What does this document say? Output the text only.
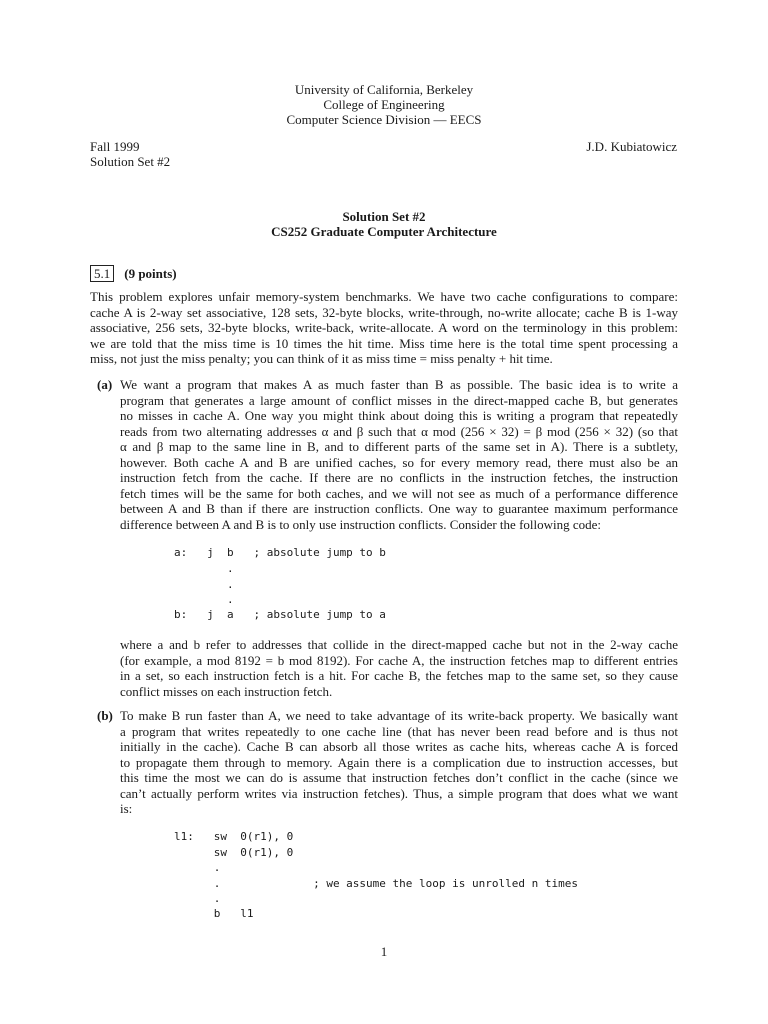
University of California, Berkeley
College of Engineering
Computer Science Division — EECS
Fall 1999
Solution Set #2
J.D. Kubiatowicz
Solution Set #2
CS252 Graduate Computer Architecture
5.1 (9 points)
This problem explores unfair memory-system benchmarks. We have two cache configurations to compare:
cache A is 2-way set associative, 128 sets, 32-byte blocks, write-through, no-write allocate; cache B is 1-way
associative, 256 sets, 32-byte blocks, write-back, write-allocate. A word on the terminology in this problem:
we are told that the miss time is 10 times the hit time. Miss time here is the total time spent processing a
miss, not just the miss penalty; you can think of it as miss time = miss penalty + hit time.
(a) We want a program that makes A as much faster than B as possible. The basic idea is to write a
program that generates a large amount of conflict misses in the direct-mapped cache B, but generates
no misses in cache A. One way you might think about doing this is writing a program that repeatedly
reads from two alternating addresses α and β such that α mod (256 × 32) = β mod (256 × 32) (so that
α and β map to the same line in B, and to different parts of the same set in A). There is a subtlety,
however. Both cache A and B are unified caches, so for every memory read, there must also be an
instruction fetch from the cache. If there are no conflicts in the instruction fetches, the instruction
fetch times will be the same for both caches, and we will not see as much of a performance difference
between A and B than if there are instruction conflicts. One way to guarantee maximum performance
difference between A and B is to only use instruction conflicts. Consider the following code:
a:   j  b   ; absolute jump to b
.
.
.
b:   j  a   ; absolute jump to a
where a and b refer to addresses that collide in the direct-mapped cache but not in the 2-way cache
(for example, a mod 8192 = b mod 8192). For cache A, the instruction fetches map to different entries
in a set, so each instruction fetch is a hit. For cache B, the fetches map to the same set, so they cause
conflict misses on each instruction fetch.
(b) To make B run faster than A, we need to take advantage of its write-back property. We basically want
a program that writes repeatedly to one cache line (that has never been read before and is thus not
initially in the cache). Cache B can absorb all those writes as cache hits, whereas cache A is forced
to propagate them through to memory. Again there is a complication due to instruction accesses, but
this time the most we can do is assume that instruction fetches don’t conflict in the cache (since we
can’t actually perform writes via instruction fetches). Thus, a simple program that does what we want
is:
l1:   sw  0(r1), 0
sw  0(r1), 0
.
.              ; we assume the loop is unrolled n times
.
b   l1
1
